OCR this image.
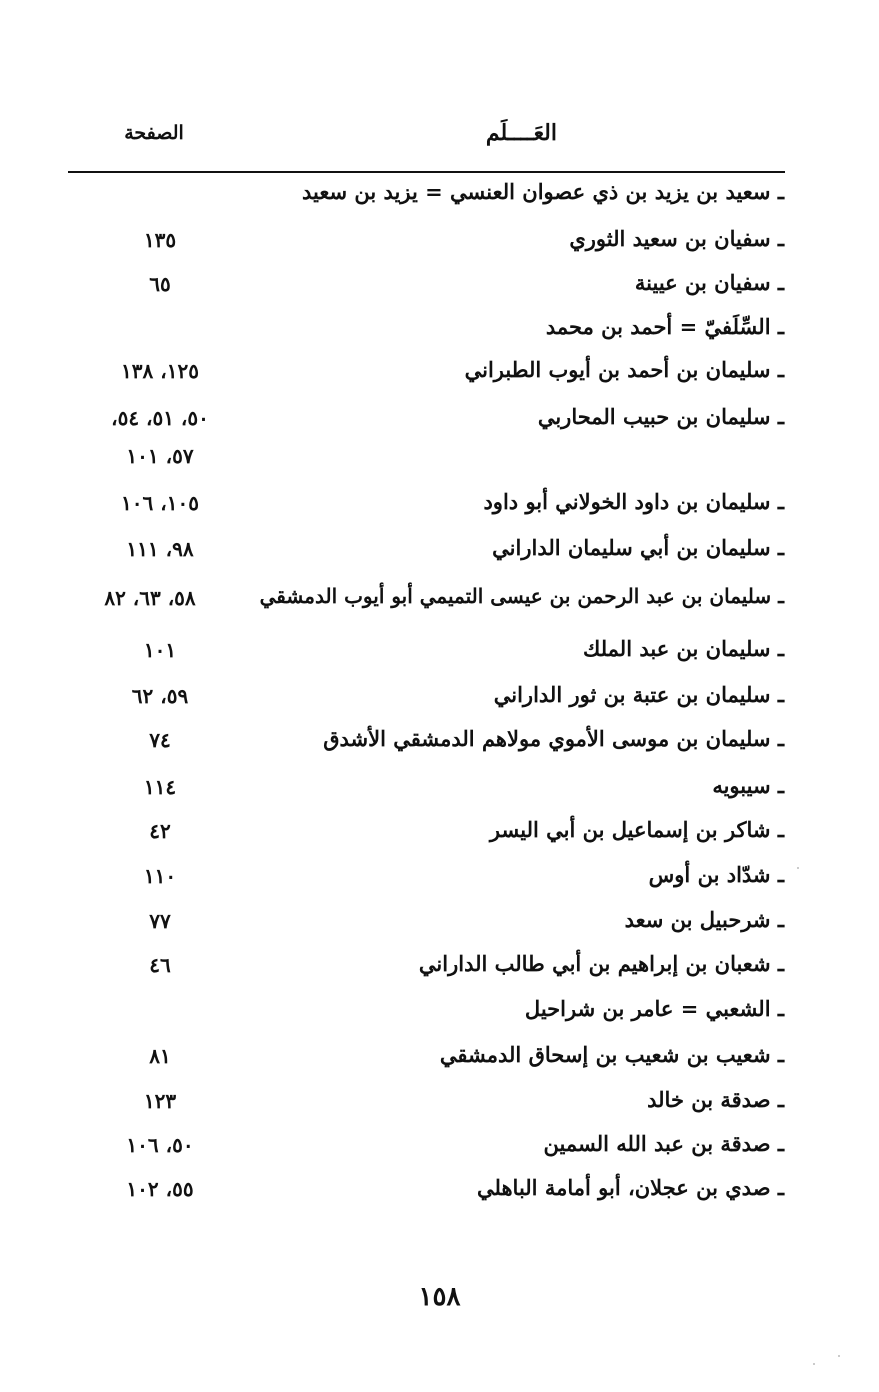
العَــــلَم
الصفحة
ـ سعيد بن يزيد بن ذي عصوان العنسي = يزيد بن سعيد
ـ سفيان بن سعيد الثوري
١٣٥
ـ سفيان بن عيينة
٦٥
ـ السِّلَفيّ = أحمد بن محمد
ـ سليمان بن أحمد بن أيوب الطبراني
١٢٥، ١٣٨
ـ سليمان بن حبيب المحاربي
٥٠، ٥١، ٥٤،
٥٧، ١٠١
ـ سليمان بن داود الخولاني أبو داود
١٠٥، ١٠٦
ـ سليمان بن أبي سليمان الداراني
٩٨، ١١١
ـ سليمان بن عبد الرحمن بن عيسى التميمي أبو أيوب الدمشقي
٥٨، ٦٣، ٨٢
ـ سليمان بن عبد الملك
١٠١
ـ سليمان بن عتبة بن ثور الداراني
٥٩، ٦٢
ـ سليمان بن موسى الأموي مولاهم الدمشقي الأشدق
٧٤
ـ سيبويه
١١٤
ـ شاكر بن إسماعيل بن أبي اليسر
٤٢
ـ شدّاد بن أوس
١١٠
ـ شرحبيل بن سعد
٧٧
ـ شعبان بن إبراهيم بن أبي طالب الداراني
٤٦
ـ الشعبي = عامر بن شراحيل
ـ شعيب بن شعيب بن إسحاق الدمشقي
٨١
ـ صدقة بن خالد
١٢٣
ـ صدقة بن عبد الله السمين
٥٠، ١٠٦
ـ صدي بن عجلان، أبو أمامة الباهلي
٥٥، ١٠٢
١٥٨
